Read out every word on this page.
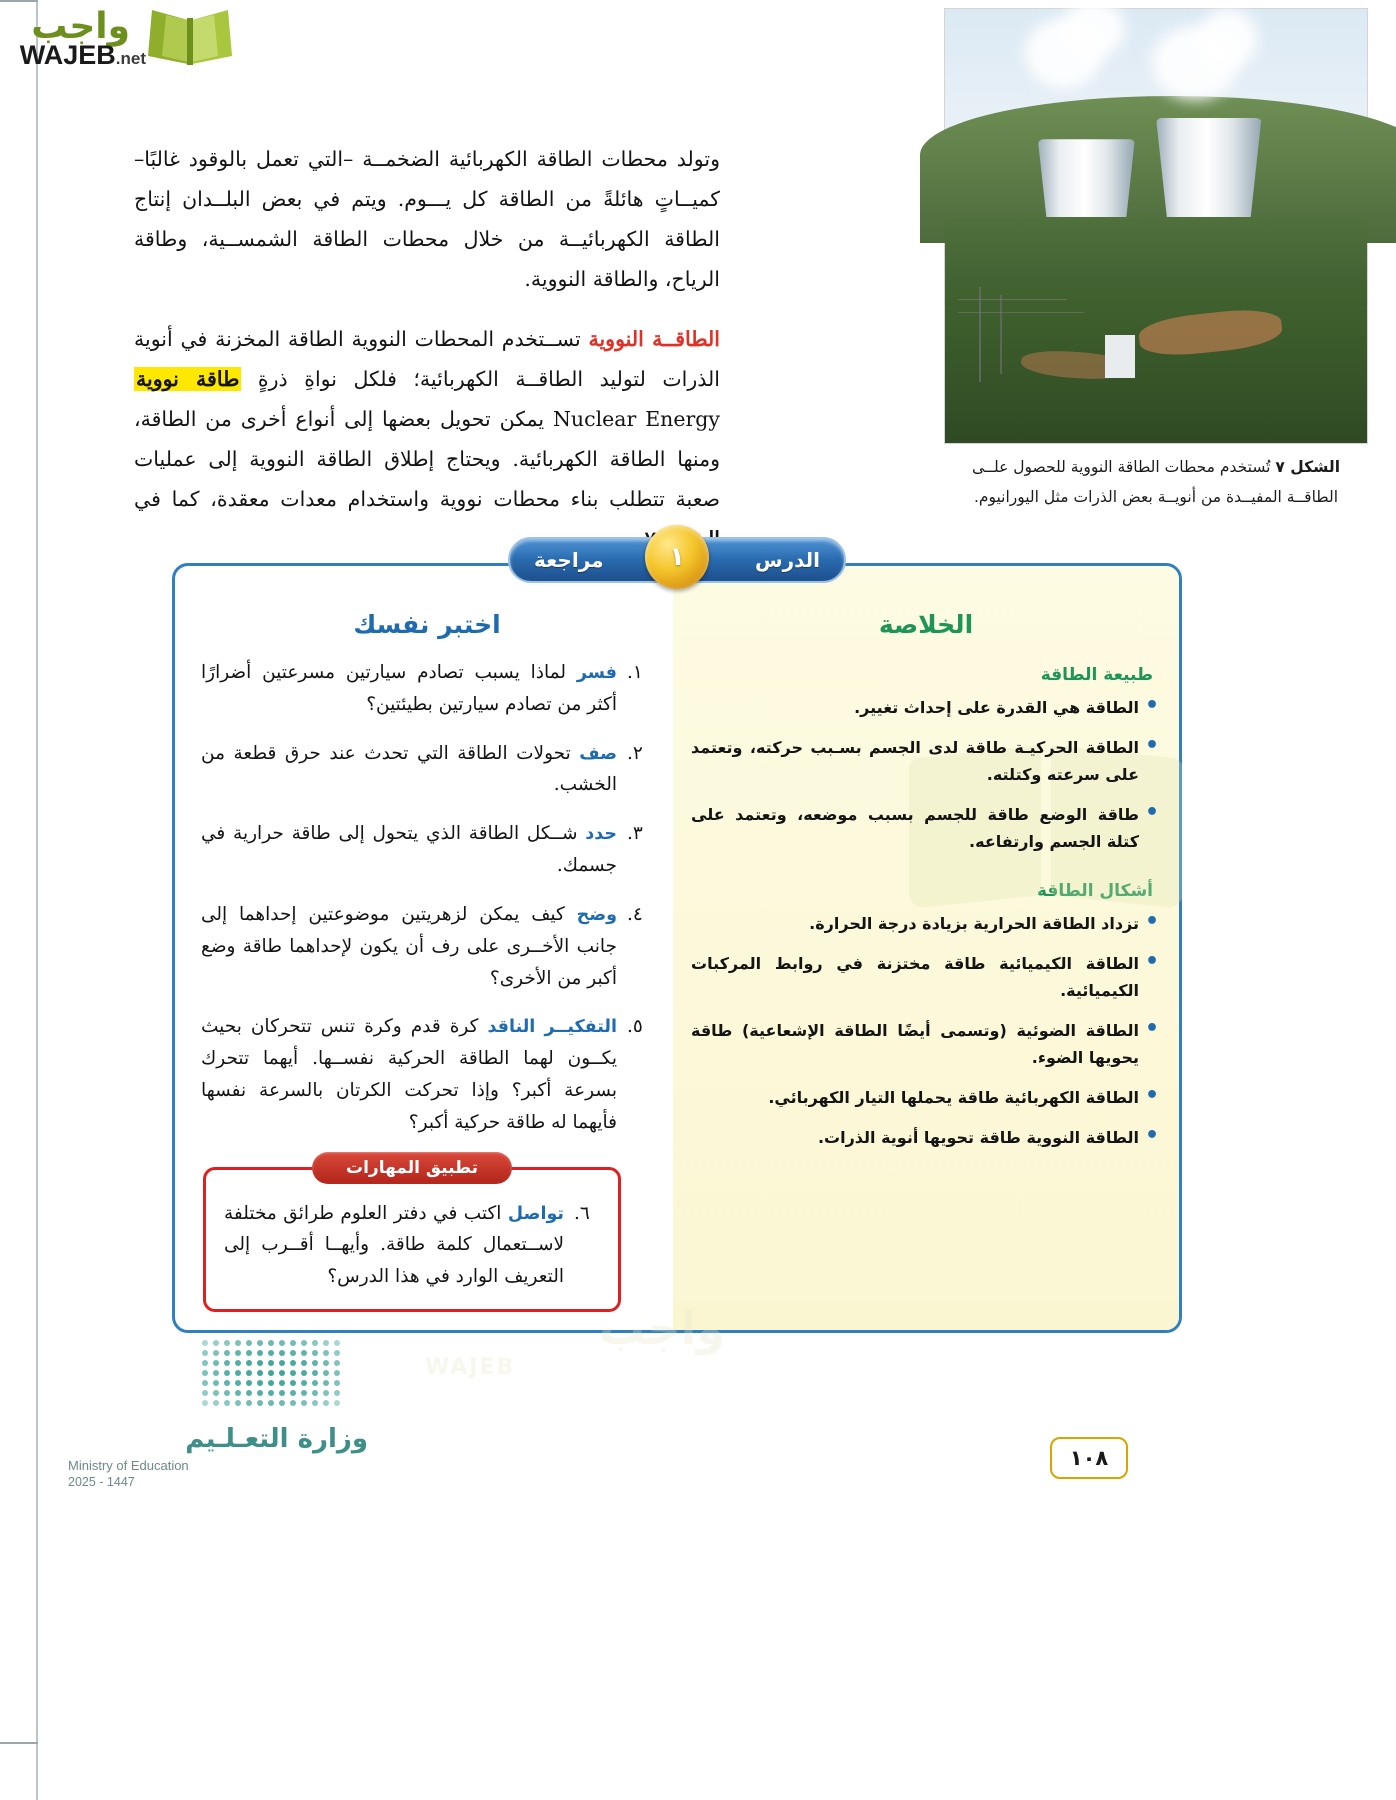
واجب
WAJEB.net
الشكل ٧ تُستخدم محطات الطاقة النووية للحصول علــى الطاقــة المفيــدة من أنويــة بعض الذرات مثل اليورانيوم.

وتولد محطات الطاقة الكهربائية الضخمــة –التي تعمل بالوقود غالبًا– كميــاتٍ هائلةً من الطاقة كل يـــوم. ويتم في بعض البلــدان إنتاج الطاقة الكهربائيــة من خلال محطات الطاقة الشمســية، وطاقة الرياح، والطاقة النووية.

الطاقــة النووية تســتخدم المحطات النووية الطاقة المخزنة في أنوية الذرات لتوليد الطاقــة الكهربائية؛ فلكل نواةِ ذرةٍ طاقة نووية Nuclear Energy يمكن تحويل بعضها إلى أنواع أخرى من الطاقة، ومنها الطاقة الكهربائية. ويحتاج إطلاق الطاقة النووية إلى عمليات صعبة تتطلب بناء محطات نووية واستخدام معدات معقدة، كما في

الخلاصة
طبيعة الطاقة
• الطاقة هي القدرة على إحداث تغيير.
• الطاقة الحركيـة طاقة لدى الجسم بسـبب حركته، وتعتمد على سرعته وكتلته.
• طاقة الوضع طاقة للجسم بسبب موضعه، وتعتمد على كتلة الجسم وارتفاعه.
أشكال الطاقة
• تزداد الطاقة الحرارية بزيادة درجة الحرارة.
• الطاقة الكيميائية طاقة مختزنة في روابط المركبات الكيميائية.
• الطاقة الضوئية (وتسمى أيضًا الطاقة الإشعاعية) طاقة يحويها الضوء.
• الطاقة الكهربائية طاقة يحملها التيار الكهربائي.
• الطاقة النووية طاقة تحويها أنوية الذرات.
واجب
WAJEB
اختبر نفسك
١.
فسر لماذا يسبب تصادم سيارتين مسرعتين أضرارًا أكثر من تصادم سيارتين بطيئتين؟
٢.
صف تحولات الطاقة التي تحدث عند حرق قطعة من الخشب.
٣.
حدد شــكل الطاقة الذي يتحول إلى طاقة حرارية في جسمك.
٤.
وضح كيف يمكن لزهريتين موضوعتين إحداهما إلى جانب الأخــرى على رف أن يكون لإحداهما طاقة وضع أكبر من الأخرى؟
٥.
التفكيــر الناقد كرة قدم وكرة تنس تتحركان بحيث يكــون لهما الطاقة الحركية نفســها. أيهما تتحرك بسرعة أكبر؟ وإذا تحركت الكرتان بالسرعة نفسها فأيهما له طاقة حركية أكبر؟
تطبيق المهارات
٦.
تواصل اكتب في دفتر العلوم طرائق مختلفة لاســتعمال كلمة طاقة. وأيهــا أقــرب إلى التعريف الوارد في هذا الدرس؟
الدرس
مراجعة	١
وزارة التعـلـيم
Ministry of Education
2025 - 1447
١٠٨
